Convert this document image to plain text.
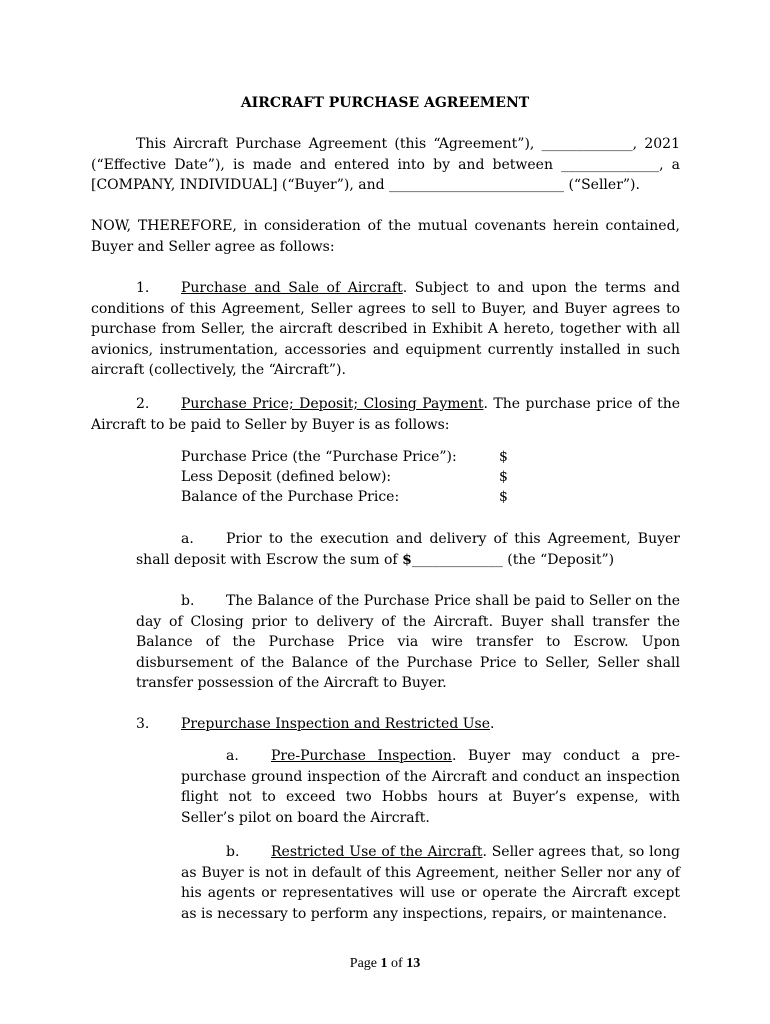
AIRCRAFT PURCHASE AGREEMENT
This Aircraft Purchase Agreement (this “Agreement”), _____________, 2021 (“Effective Date”), is made and entered into by and between ______________, a [COMPANY, INDIVIDUAL] (“Buyer”), and _________________________ (“Seller”).
NOW, THEREFORE, in consideration of the mutual covenants herein contained, Buyer and Seller agree as follows:
1. Purchase and Sale of Aircraft. Subject to and upon the terms and conditions of this Agreement, Seller agrees to sell to Buyer, and Buyer agrees to purchase from Seller, the aircraft described in Exhibit A hereto, together with all avionics, instrumentation, accessories and equipment currently installed in such aircraft (collectively, the “Aircraft”).
2. Purchase Price; Deposit; Closing Payment. The purchase price of the Aircraft to be paid to Seller by Buyer is as follows:
Purchase Price (the “Purchase Price”):	$
Less Deposit (defined below):	$
Balance of the Purchase Price:	$
a. Prior to the execution and delivery of this Agreement, Buyer shall deposit with Escrow the sum of $_____________ (the “Deposit”)
b. The Balance of the Purchase Price shall be paid to Seller on the day of Closing prior to delivery of the Aircraft. Buyer shall transfer the Balance of the Purchase Price via wire transfer to Escrow. Upon disbursement of the Balance of the Purchase Price to Seller, Seller shall transfer possession of the Aircraft to Buyer.
3. Prepurchase Inspection and Restricted Use.
a. Pre-Purchase Inspection. Buyer may conduct a pre-purchase ground inspection of the Aircraft and conduct an inspection flight not to exceed two Hobbs hours at Buyer’s expense, with Seller’s pilot on board the Aircraft.
b. Restricted Use of the Aircraft. Seller agrees that, so long as Buyer is not in default of this Agreement, neither Seller nor any of his agents or representatives will use or operate the Aircraft except as is necessary to perform any inspections, repairs, or maintenance.
Page 1 of 13
